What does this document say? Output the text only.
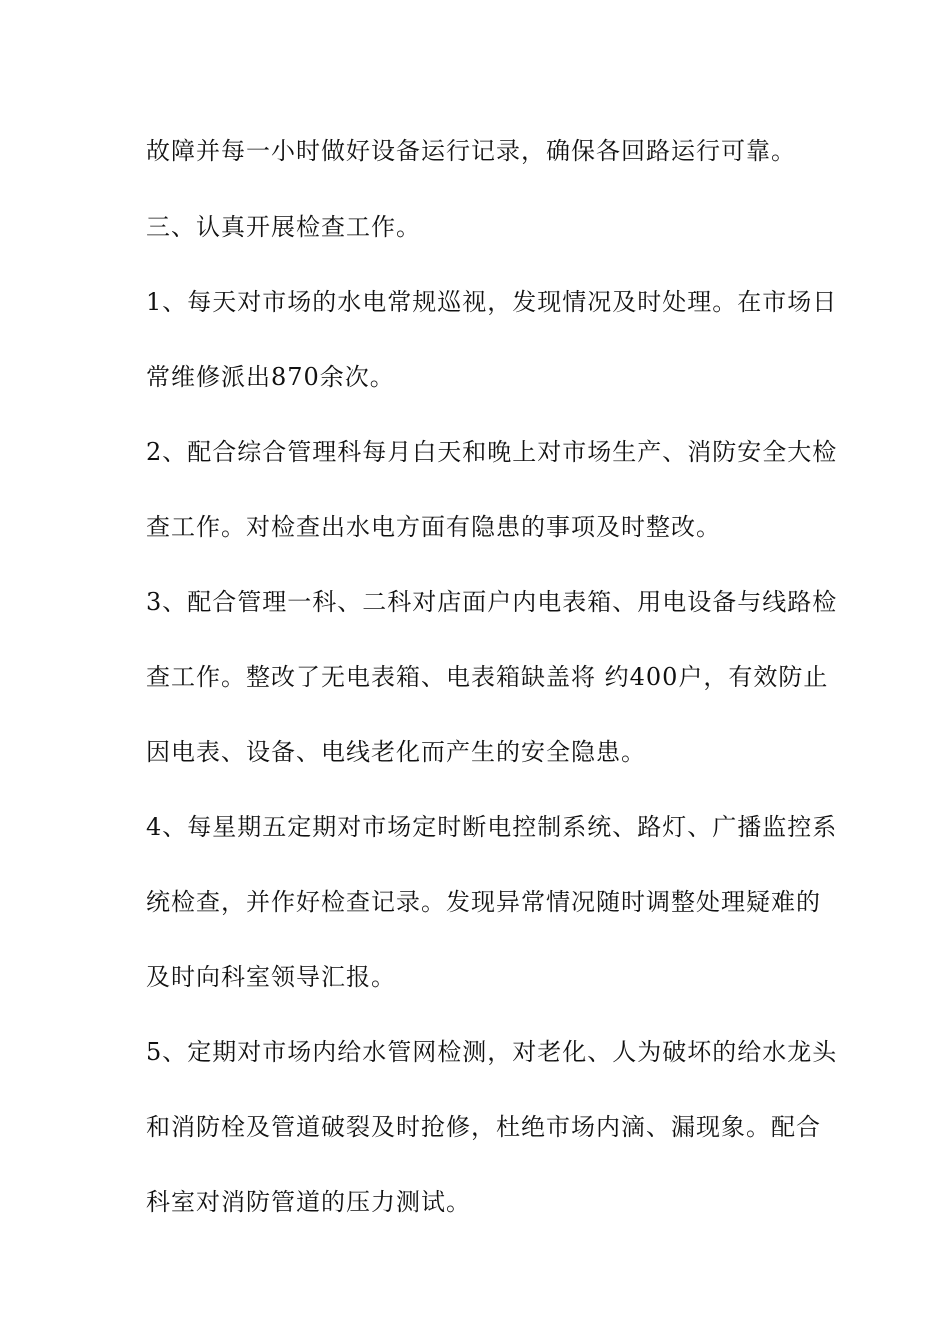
故障并每一小时做好设备运行记录，确保各回路运行可靠。
三、认真开展检查工作。
1、每天对市场的水电常规巡视，发现情况及时处理。在市场日
常维修派出870余次。
2、配合综合管理科每月白天和晚上对市场生产、消防安全大检
查工作。对检查出水电方面有隐患的事项及时整改。
3、配合管理一科、二科对店面户内电表箱、用电设备与线路检
查工作。整改了无电表箱、电表箱缺盖将 约400户，有效防止
因电表、设备、电线老化而产生的安全隐患。
4、每星期五定期对市场定时断电控制系统、路灯、广播监控系
统检查，并作好检查记录。发现异常情况随时调整处理疑难的
及时向科室领导汇报。
5、定期对市场内给水管网检测，对老化、人为破坏的给水龙头
和消防栓及管道破裂及时抢修，杜绝市场内滴、漏现象。配合
科室对消防管道的压力测试。
